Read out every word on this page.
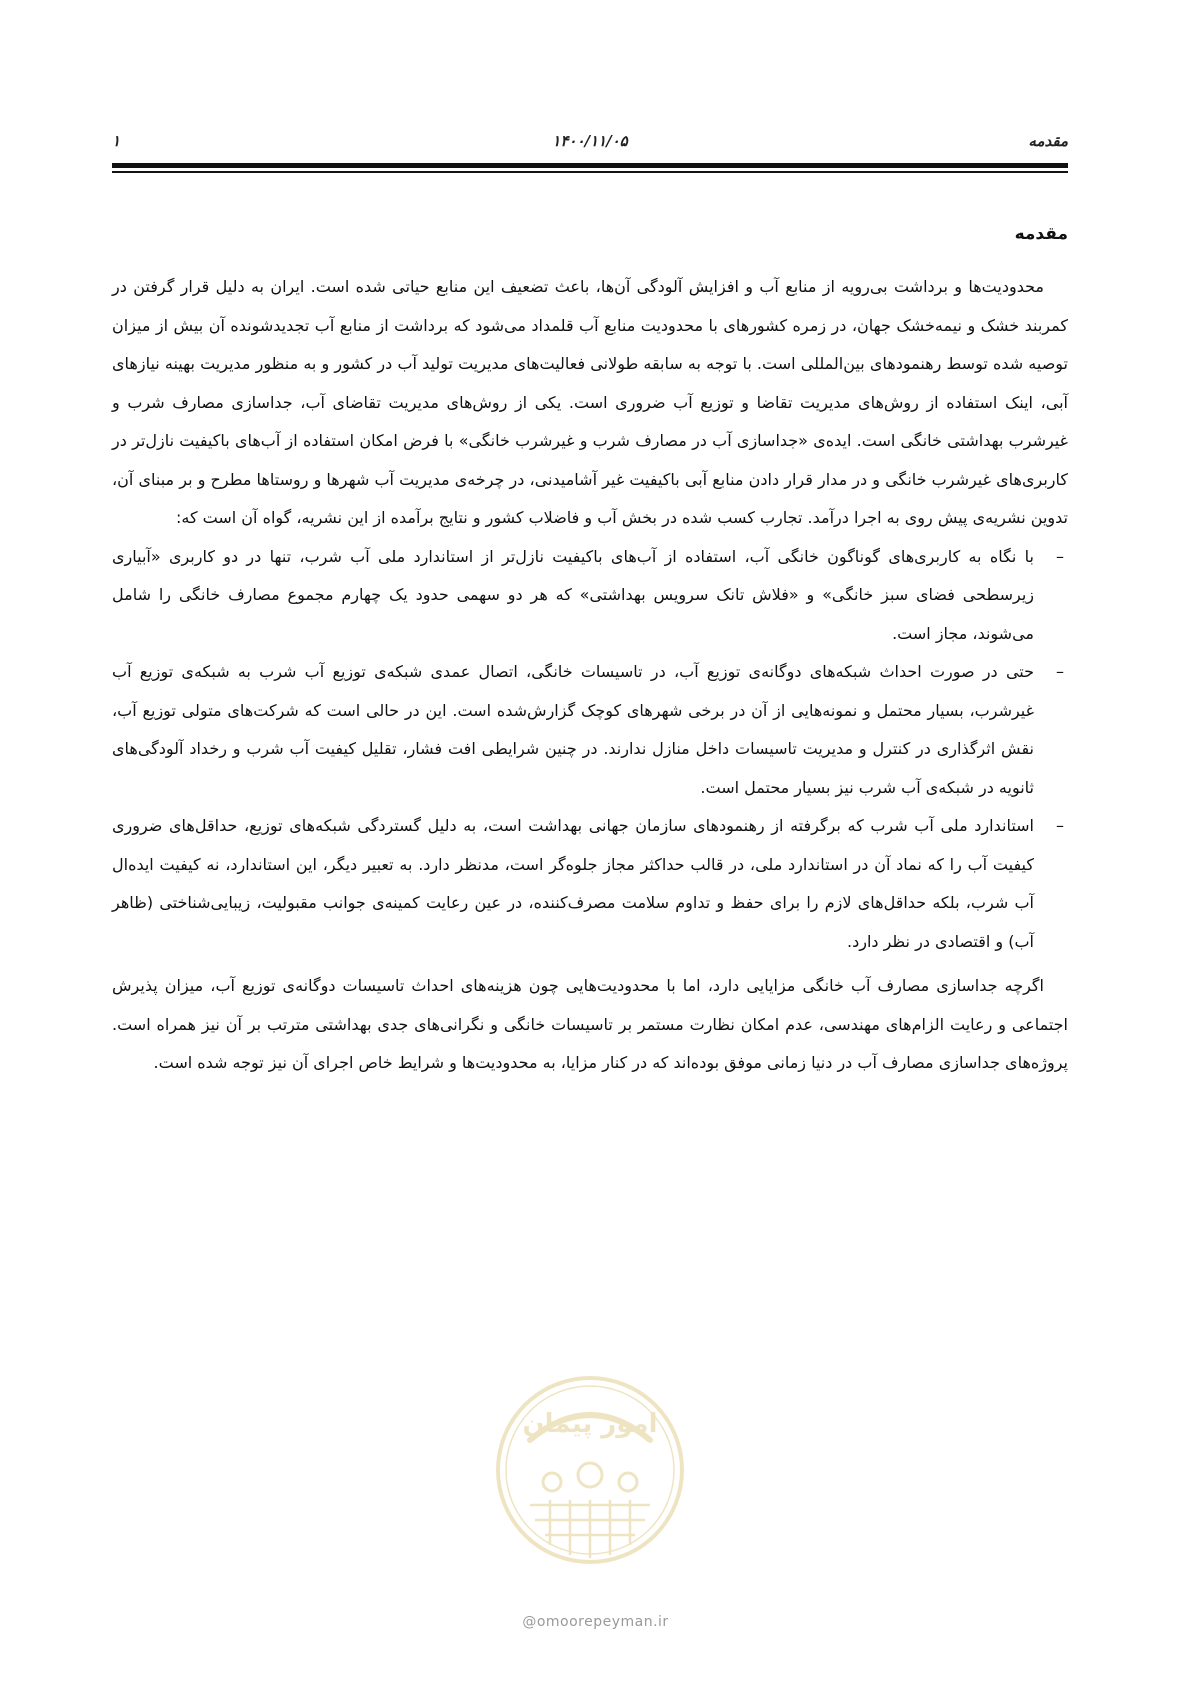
مقدمه
۱۴۰۰/۱۱/۰۵
۱
مقدمه

محدودیت‌ها و برداشت بی‌رویه از منابع آب و افزایش آلودگی آن‌ها، باعث تضعیف این منابع حیاتی شده است. ایران به دلیل قرار گرفتن در کمربند خشک و نیمه‌خشک جهان، در زمره کشورهای با محدودیت منابع آب قلمداد می‌شود که برداشت از منابع آب تجدیدشونده آن بیش از میزان توصیه شده توسط رهنمودهای بین‌المللی است. با توجه به سابقه طولانی فعالیت‌های مدیریت تولید آب در کشور و به منظور مدیریت بهینه نیازهای آبی، اینک استفاده از روش‌های مدیریت تقاضا و توزیع آب ضروری است. یکی از روش‌های مدیریت تقاضای آب، جداسازی مصارف شرب و غیرشرب بهداشتی خانگی است. ایده‌ی «جداسازی آب در مصارف شرب و غیرشرب خانگی» با فرض امکان استفاده از آب‌های باکیفیت نازل‌تر در کاربری‌های غیرشرب خانگی و در مدار قرار دادن منابع آبی باکیفیت غیر آشامیدنی، در چرخه‌ی مدیریت آب شهرها و روستاها مطرح و بر مبنای آن، تدوین نشریه‌ی پیش روی به اجرا درآمد. تجارب کسب شده در بخش آب و فاضلاب کشور و نتایج برآمده از این نشریه، گواه آن است که:

–
با نگاه به کاربری‌های گوناگون خانگی آب، استفاده از آب‌های باکیفیت نازل‌تر از استاندارد ملی آب شرب، تنها در دو کاربری «آبیاری زیرسطحی فضای سبز خانگی» و «فلاش تانک سرویس بهداشتی» که هر دو سهمی حدود یک چهارم مجموع مصارف خانگی را شامل می‌شوند، مجاز است.
–
حتی در صورت احداث شبکه‌های دوگانه‌ی توزیع آب، در تاسیسات خانگی، اتصال عمدی شبکه‌ی توزیع آب شرب به شبکه‌ی توزیع آب غیرشرب، بسیار محتمل و نمونه‌هایی از آن در برخی شهرهای کوچک گزارش‌شده است. این در حالی است که شرکت‌های متولی توزیع آب، نقش اثرگذاری در کنترل و مدیریت تاسیسات داخل منازل ندارند. در چنین شرایطی افت فشار، تقلیل کیفیت آب شرب و رخداد آلودگی‌های ثانویه در شبکه‌ی آب شرب نیز بسیار محتمل است.
–
استاندارد ملی آب شرب که برگرفته از رهنمودهای سازمان جهانی بهداشت است، به دلیل گستردگی شبکه‌های توزیع، حداقل‌های ضروری کیفیت آب را که نماد آن در استاندارد ملی، در قالب حداکثر مجاز جلوه‌گر است، مدنظر دارد. به تعبیر دیگر، این استاندارد، نه کیفیت ایده‌ال آب شرب، بلکه حداقل‌های لازم را برای حفظ و تداوم سلامت مصرف‌کننده، در عین رعایت کمینه‌ی جوانب مقبولیت، زیبایی‌شناختی (ظاهر آب) و اقتصادی در نظر دارد.

اگرچه جداسازی مصارف آب خانگی مزایایی دارد، اما با محدودیت‌هایی چون هزینه‌های احداث تاسیسات دوگانه‌ی توزیع آب، میزان پذیرش اجتماعی و رعایت الزام‌های مهندسی، عدم امکان نظارت مستمر بر تاسیسات خانگی و نگرانی‌های جدی بهداشتی مترتب بر آن نیز همراه است. پروژه‌های جداسازی مصارف آب در دنیا زمانی موفق بوده‌اند که در کنار مزایا، به محدودیت‌ها و شرایط خاص اجرای آن نیز توجه شده است.

امور پیمان
@omoorepeyman.ir
